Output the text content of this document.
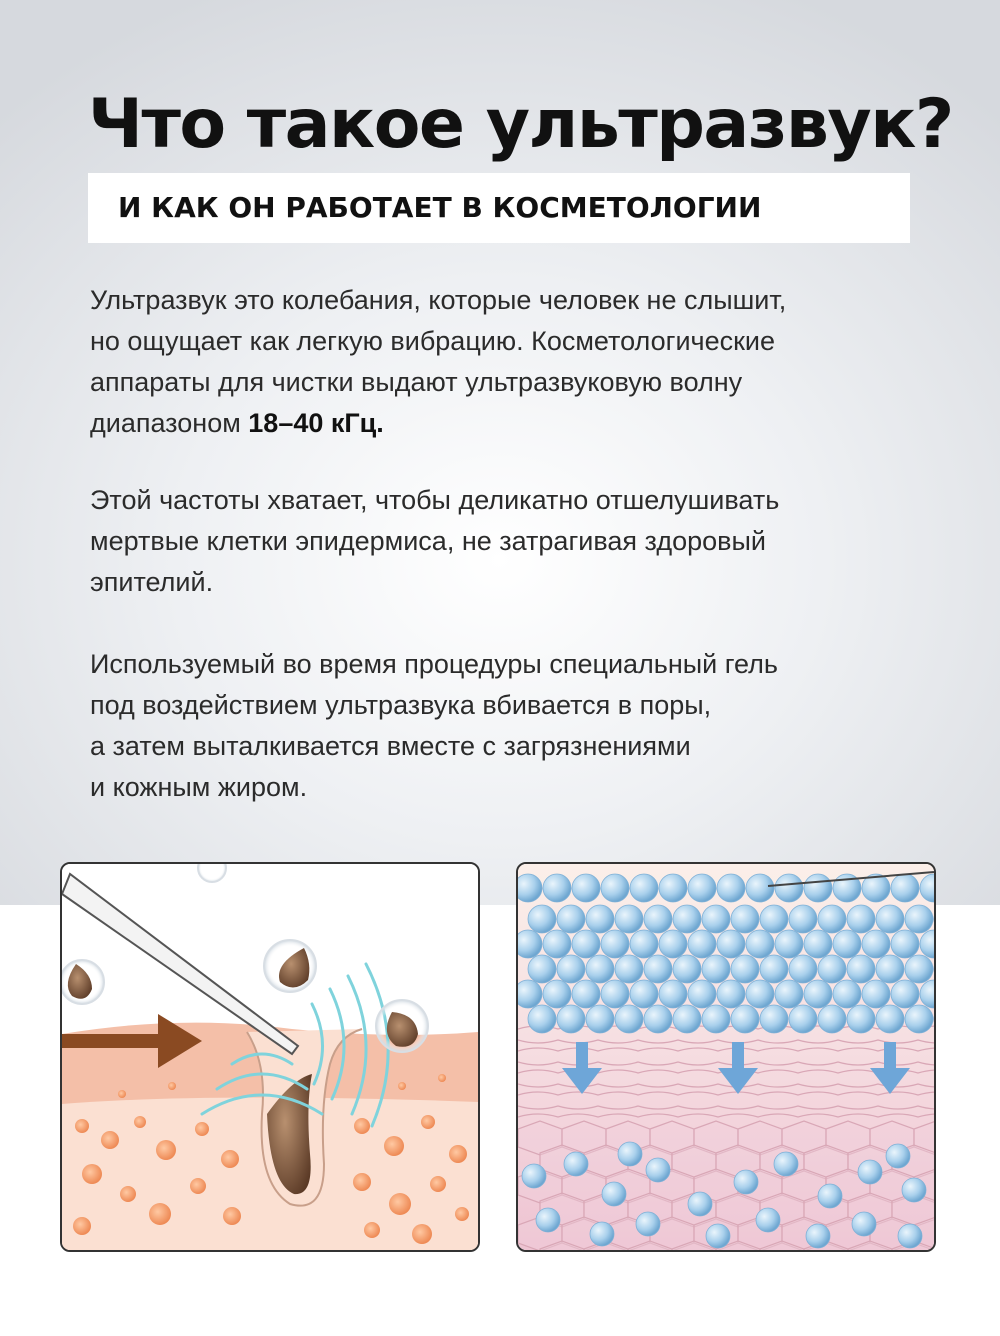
Что такое ультразвук?
И КАК ОН РАБОТАЕТ В КОСМЕТОЛОГИИ
Ультразвук это колебания, которые человек не слышит,
но ощущает как легкую вибрацию. Косметологические
аппараты для чистки выдают ультразвуковую волну
диапазоном 18–40 кГц.
Этой частоты хватает, чтобы деликатно отшелушивать
мертвые клетки эпидермиса, не затрагивая здоровый
эпителий.
Используемый во время процедуры специальный гель
под воздействием ультразвука вбивается в поры,
а затем выталкивается вместе с загрязнениями
и кожным жиром.
